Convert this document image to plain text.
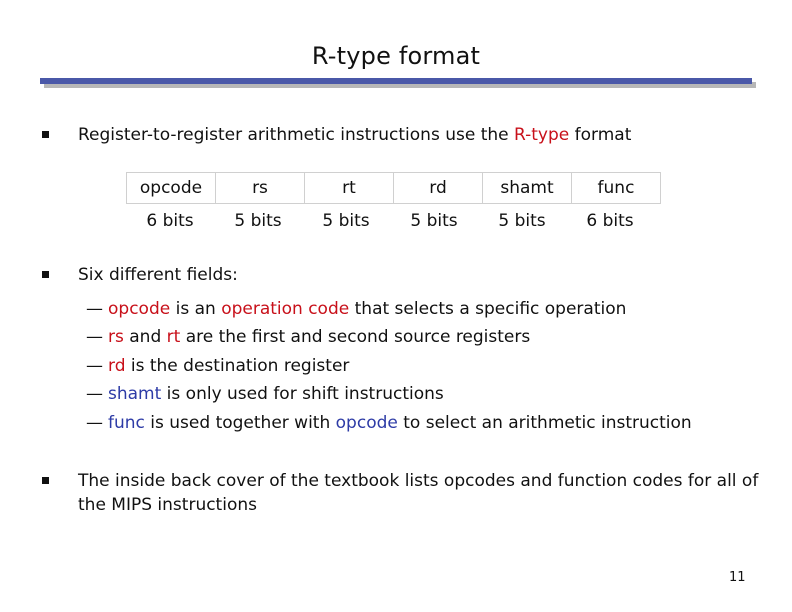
R-type format
Register-to-register arithmetic instructions use the R-type format
opcode	rs	rt	rd	shamt	func
6 bits	5 bits	5 bits	5 bits	5 bits	6 bits
Six different fields:
— opcode is an operation code that selects a specific operation
— rs and rt are the first and second source registers
— rd is the destination register
— shamt is only used for shift instructions
— func is used together with opcode to select an arithmetic instruction
The inside back cover of the textbook lists opcodes and function codes for all of the MIPS instructions
11
